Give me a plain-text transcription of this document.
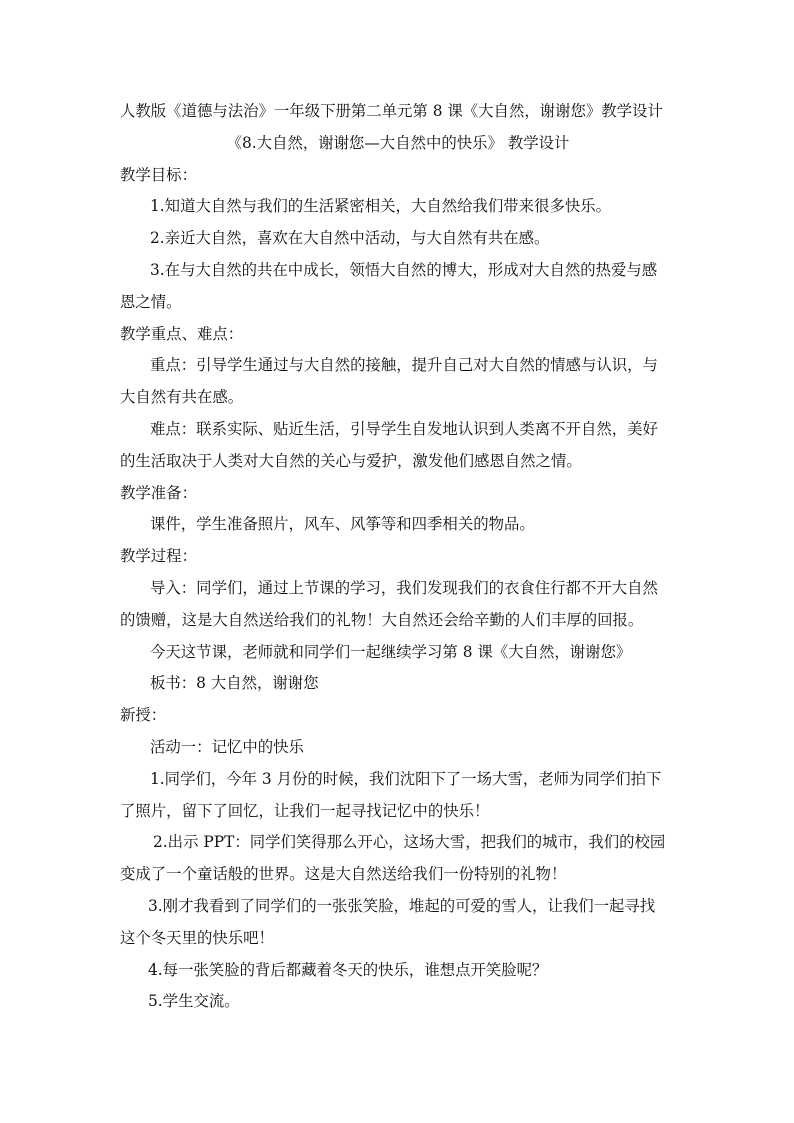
人教版《道德与法治》一年级下册第二单元第 8 课《大自然，谢谢您》教学设计
《8.大自然，谢谢您—大自然中的快乐》 教学设计
教学目标：
1.知道大自然与我们的生活紧密相关，大自然给我们带来很多快乐。
2.亲近大自然，喜欢在大自然中活动，与大自然有共在感。
3.在与大自然的共在中成长，领悟大自然的博大，形成对大自然的热爱与感
恩之情。
教学重点、难点：
重点：引导学生通过与大自然的接触，提升自己对大自然的情感与认识，与
大自然有共在感。
难点：联系实际、贴近生活，引导学生自发地认识到人类离不开自然，美好
的生活取决于人类对大自然的关心与爱护，激发他们感恩自然之情。
教学准备：
课件，学生准备照片，风车、风筝等和四季相关的物品。
教学过程：
导入：同学们，通过上节课的学习，我们发现我们的衣食住行都不开大自然
的馈赠，这是大自然送给我们的礼物！大自然还会给辛勤的人们丰厚的回报。
今天这节课，老师就和同学们一起继续学习第 8 课《大自然，谢谢您》
板书：8 大自然，谢谢您
新授：
活动一：记忆中的快乐
1.同学们，今年 3 月份的时候，我们沈阳下了一场大雪，老师为同学们拍下
了照片，留下了回忆，让我们一起寻找记忆中的快乐！
2.出示 PPT：同学们笑得那么开心，这场大雪，把我们的城市，我们的校园
变成了一个童话般的世界。这是大自然送给我们一份特别的礼物！
3.刚才我看到了同学们的一张张笑脸，堆起的可爱的雪人，让我们一起寻找
这个冬天里的快乐吧！
4.每一张笑脸的背后都藏着冬天的快乐，谁想点开笑脸呢？
5.学生交流。
